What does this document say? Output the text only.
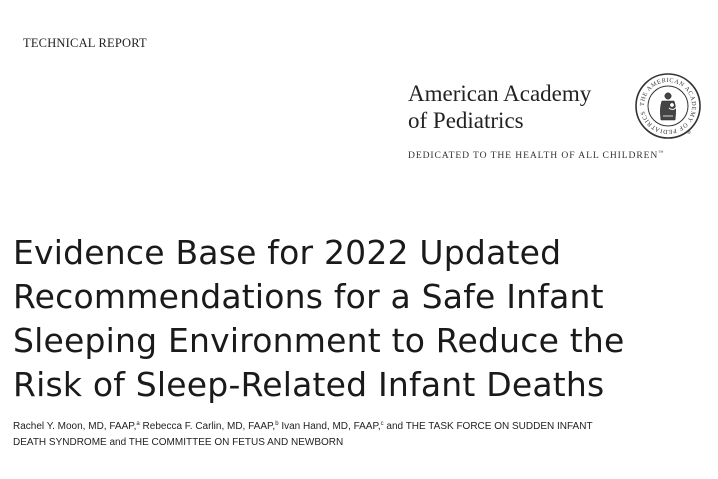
TECHNICAL REPORT
American Academy
of Pediatrics
THE AMERICAN ACADEMY OF PEDIATRICS
®
DEDICATED TO THE HEALTH OF ALL CHILDREN™
Evidence Base for 2022 Updated
Recommendations for a Safe Infant
Sleeping Environment to Reduce the
Risk of Sleep-Related Infant Deaths

Rachel Y. Moon, MD, FAAP,$^a$ Rebecca F. Carlin, MD, FAAP,$^b$ Ivan Hand, MD, FAAP,$^c$ and THE TASK FORCE ON SUDDEN INFANT
DEATH SYNDROME and THE COMMITTEE ON FETUS AND NEWBORN
